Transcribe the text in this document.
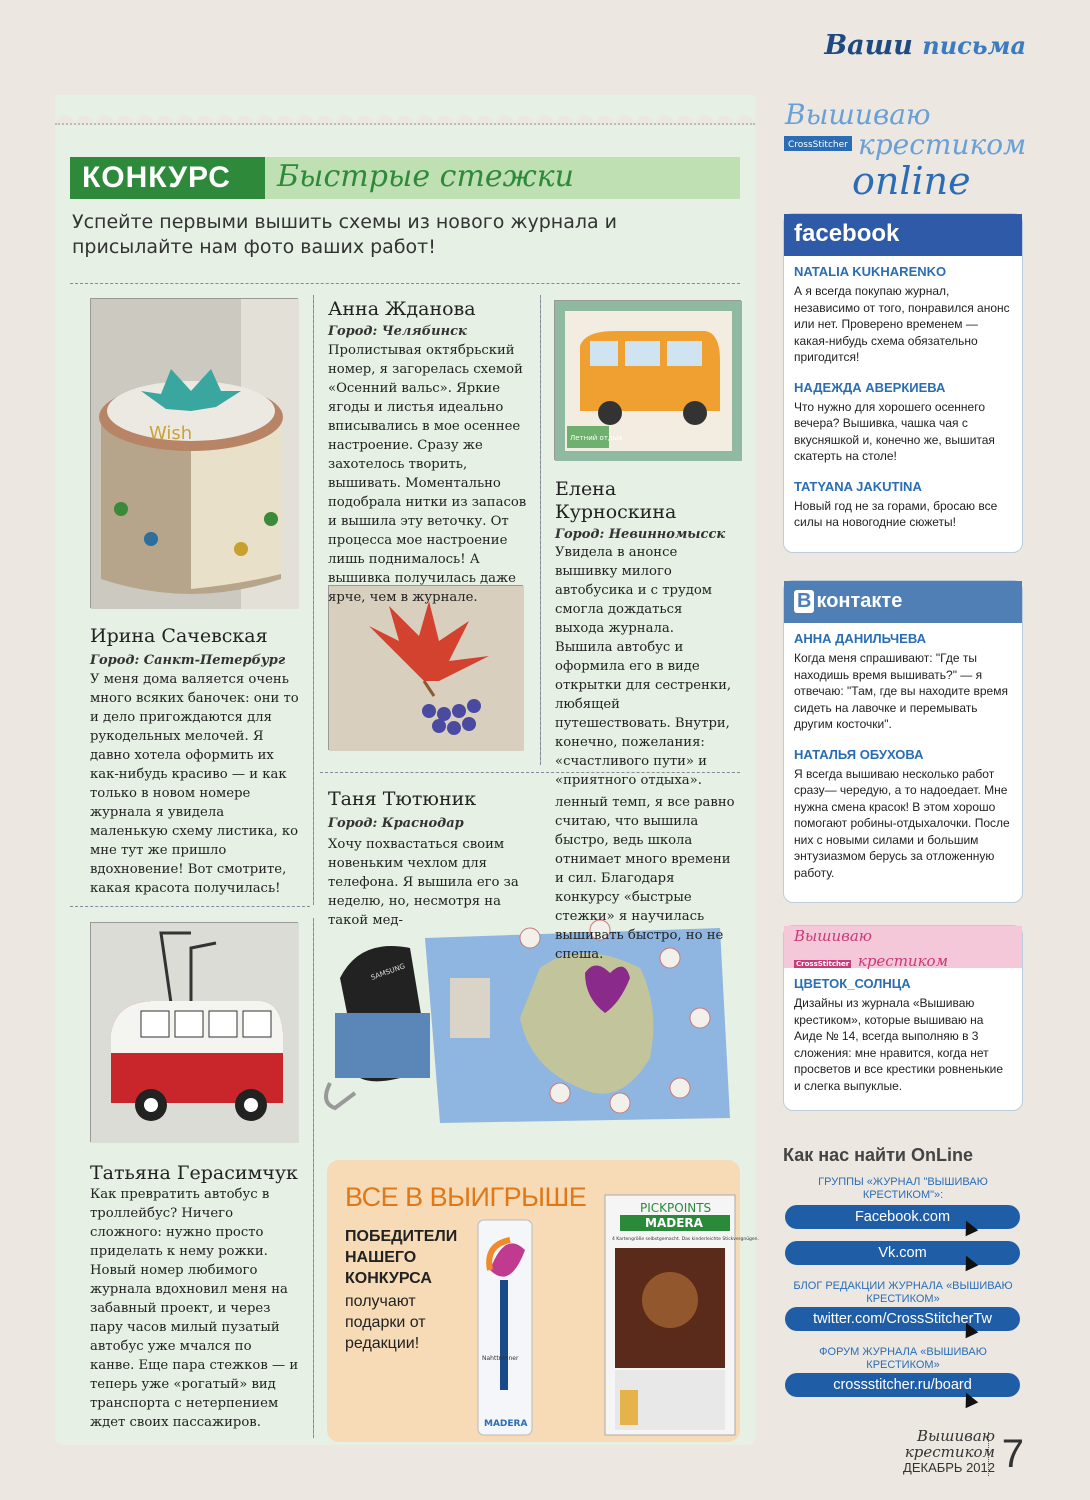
Ваши письма
КОНКУРС	Быстрые стежки
Успейте первыми вышить схемы из нового журнала и присылайте нам фото ваших работ!
Wish	Летний отдых
SAMSUNG
Ирина Сачевская
Город: Санкт-Петербург
У меня дома валяется очень много всяких баночек: они то и дело пригождаются для рукодельных мелочей. Я давно хотела оформить их как-нибудь красиво — и как только в новом номере журнала я увидела маленькую схему листика, ко мне тут же пришло вдохновение! Вот смотрите, какая красота получилась!
Анна Жданова
Город: Челябинск
Пролистывая октябрьский номер, я загорелась схемой «Осенний вальс». Яркие ягоды и листья идеально вписывались в мое осеннее настроение. Сразу же захотелось творить, вышивать. Моментально подобрала нитки из запасов и вышила эту веточку. От процесса мое настроение лишь поднималось! А вышивка получилась даже ярче, чем в журнале.
Елена Курноскина
Город: Невинномысск
Увидела в анонсе вышивку милого автобусика и с трудом смогла дождаться выхода журнала. Вышила автобус и оформила его в виде открытки для сестренки, любящей путешествовать. Внутри, конечно, пожелания: «счастливого пути» и «приятного отдыха».
Таня Тютюник
Город: Краснодар
Хочу похвастаться своим новеньким чехлом для телефона. Я вышила его за неделю, но, несмотря на такой мед-
ленный темп, я все равно считаю, что вышила быстро, ведь школа отнимает много времени и сил. Благодаря конкурсу «быстрые стежки» я научилась вышивать быстро, но не спеша.
Татьяна Герасимчук
Как превратить автобус в троллейбус? Ничего сложного: нужно просто приделать к нему рожки. Новый номер любимого журнала вдохновил меня на забавный проект, и через пару часов милый пузатый автобус уже мчался по канве. Еще пара стежков — и теперь уже «рогатый» вид транспорта с нетерпением ждет своих пассажиров.
ВСЕ В ВЫИГРЫШЕ
ПОБЕДИТЕЛИ НАШЕГО КОНКУРСА
получают подарки от редакции!
Nahttrenner
MADERA
PICKPOINTS
MADERA
4 Kartengröße selbstgemacht. Das kinderleichte Stickvergnügen.
Вышиваю
CrossStitcher крестиком
online
facebook
NATALIA KUKHARENKO
А я всегда покупаю журнал, независимо от того, понравился анонс или нет. Проверено временем — какая-нибудь схема обязательно пригодится!
НАДЕЖДА АВЕРКИЕВА
Что нужно для хорошего осеннего вечера? Вышивка, чашка чая с вкусняшкой и, конечно же, вышитая скатерть на столе!
TATYANA JAKUTINA
Новый год не за горами, бросаю все силы на новогодние сюжеты!
В контакте
АННА ДАНИЛЬЧЕВА
Когда меня спрашивают: "Где ты находишь время вышивать?" — я отвечаю: "Там, где вы находите время сидеть на лавочке и перемывать другим косточки".
НАТАЛЬЯ ОБУХОВА
Я всегда вышиваю несколько работ сразу— чередую, а то надоедает. Мне нужна смена красок! В этом хорошо помогают робины-отдыхалочки. После них с новыми силами и большим энтузиазмом берусь за отложенную работу.
Вышиваю
CrossStitcher крестиком
ЦВЕТОК_СОЛНЦА
Дизайны из журнала «Вышиваю крестиком», которые вышиваю на Аиде № 14, всегда выполняю в 3 сложения: мне нравится, когда нет просветов и все крестики ровненькие и слегка выпуклые.
Как нас найти OnLine
ГРУППЫ «ЖУРНАЛ "ВЫШИВАЮ КРЕСТИКОМ"»:
Facebook.com
Vk.com
БЛОГ РЕДАКЦИИ ЖУРНАЛА «ВЫШИВАЮ КРЕСТИКОМ»
twitter.com/CrossStitcherTw
ФОРУМ ЖУРНАЛА «ВЫШИВАЮ КРЕСТИКОМ»
crossstitcher.ru/board
Вышиваю
крестиком
ДЕКАБРЬ 2012 7
